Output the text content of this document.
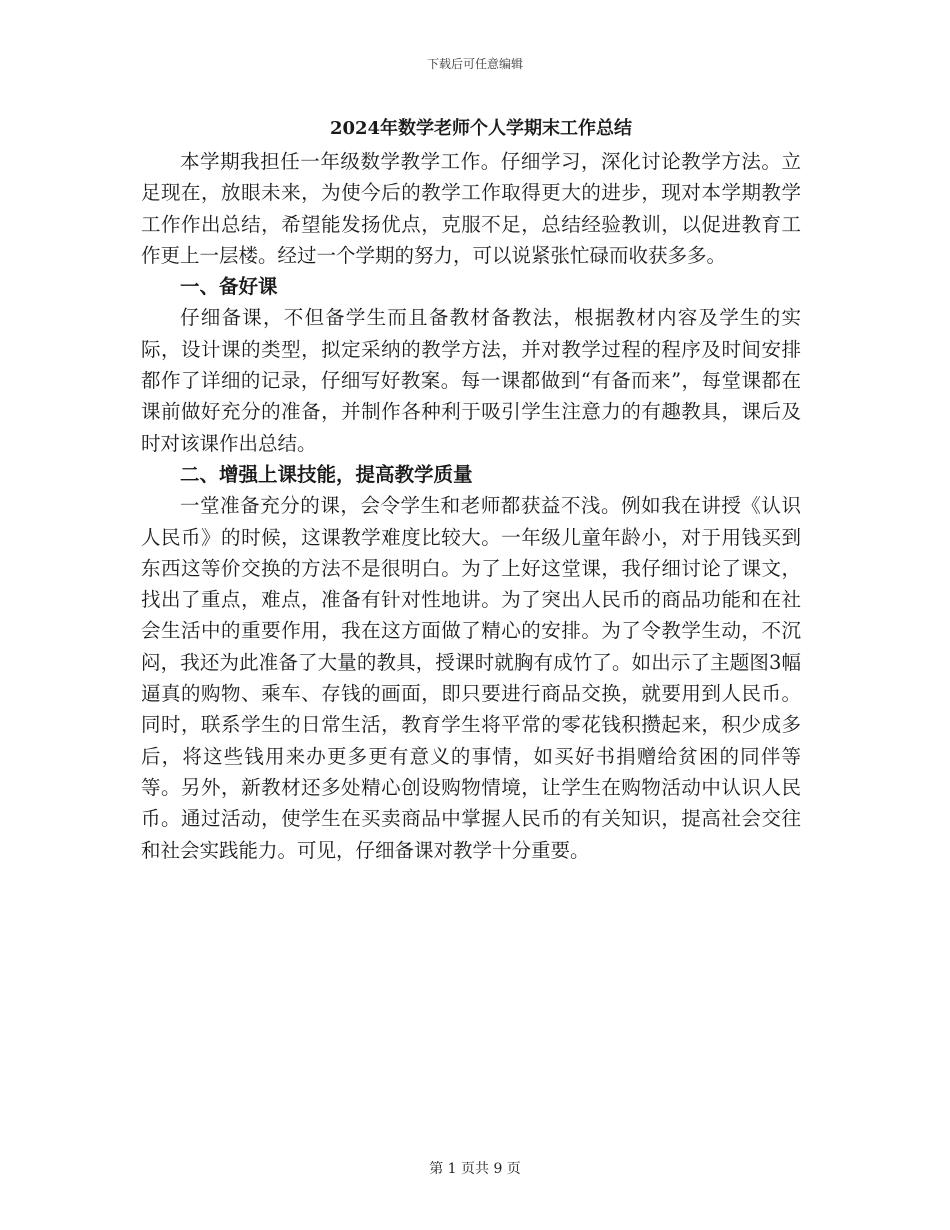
下载后可任意编辑
2024年数学老师个人学期末工作总结

本学期我担任一年级数学教学工作。仔细学习，深化讨论教学方法。立足现在，放眼未来，为使今后的教学工作取得更大的进步，现对本学期教学工作作出总结，希望能发扬优点，克服不足，总结经验教训，以促进教育工作更上一层楼。经过一个学期的努力，可以说紧张忙碌而收获多多。

一、备好课

仔细备课，不但备学生而且备教材备教法，根据教材内容及学生的实际，设计课的类型，拟定采纳的教学方法，并对教学过程的程序及时间安排都作了详细的记录，仔细写好教案。每一课都做到“有备而来”，每堂课都在课前做好充分的准备，并制作各种利于吸引学生注意力的有趣教具，课后及时对该课作出总结。

二、增强上课技能，提高教学质量

一堂准备充分的课，会令学生和老师都获益不浅。例如我在讲授《认识人民币》的时候，这课教学难度比较大。一年级儿童年龄小，对于用钱买到东西这等价交换的方法不是很明白。为了上好这堂课，我仔细讨论了课文，找出了重点，难点，准备有针对性地讲。为了突出人民币的商品功能和在社会生活中的重要作用，我在这方面做了精心的安排。为了令教学生动，不沉闷，我还为此准备了大量的教具，授课时就胸有成竹了。如出示了主题图3幅逼真的购物、乘车、存钱的画面，即只要进行商品交换，就要用到人民币。同时，联系学生的日常生活，教育学生将平常的零花钱积攒起来，积少成多后，将这些钱用来办更多更有意义的事情，如买好书捐赠给贫困的同伴等等。另外，新教材还多处精心创设购物情境，让学生在购物活动中认识人民币。通过活动，使学生在买卖商品中掌握人民币的有关知识，提高社会交往和社会实践能力。可见，仔细备课对教学十分重要。

第 1 页共 9 页
